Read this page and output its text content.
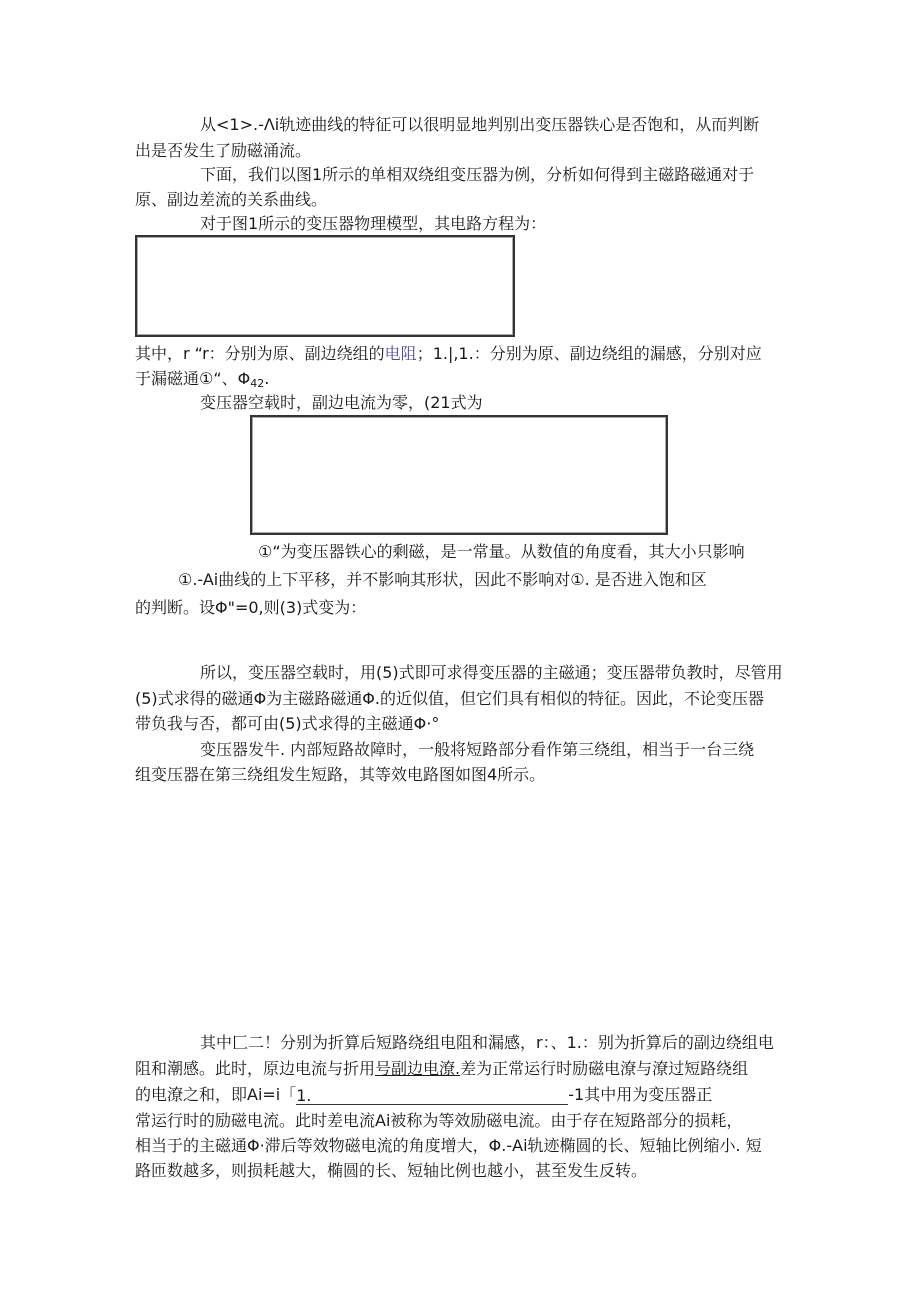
从<1>.-Λi轨迹曲线的特征可以很明显地判别出变压器铁心是否饱和，从而判断
出是否发生了励磁涌流。
下面，我们以图1所示的单相双绕组变压器为例，分析如何得到主磁路磁通对于
原、副边差流的关系曲线。
对于图1所示的变压器物理模型，其电路方程为：
其中，r “r：分别为原、副边绕组的电阻；1.|,1.：分别为原、副边绕组的漏感，分别对应
于漏磁通①“、$\Phi_{42}$.
变压器空载时，副边电流为零，(21式为
①“为变压器铁心的剩磁，是一常量。从数值的角度看，其大小只影响
①.-Ai曲线的上下平移，并不影响其形状，因此不影响对①. 是否进入饱和区
的判断。设Φ"=0,则(3)式变为：
所以，变压器空载时，用(5)式即可求得变压器的主磁通；变压器带负教时，尽管用
(5)式求得的磁通Φ为主磁路磁通Φ.的近似值，但它们具有相似的特征。因此，不论变压器
带负我与否，都可由(5)式求得的主磁通Φ·°
变压器发牛. 内部短路故障时，一般将短路部分看作第三绕组，相当于一台三绕
组变压器在第三绕组发生短路，其等效电路图如图4所示。
其中匚二！分别为折算后短路绕组电阻和漏感，r：、1.：别为折算后的副边绕组电
阻和潮感。此时，原边电流与折用号副边电潦.差为正常运行时励磁电潦与潦过短路绕组
的电潦之和，即Ai=i「1.	-1其中用为变压器正
常运行时的励磁电流。此时差电流Ai被称为等效励磁电流。由于存在短路部分的损耗，
相当于的主磁通Φ·滞后等效物磁电流的角度增大，Φ.-Ai轨迹椭圆的长、短轴比例缩小. 短
路匝数越多，则损耗越大，椭圆的长、短轴比例也越小，甚至发生反转。
